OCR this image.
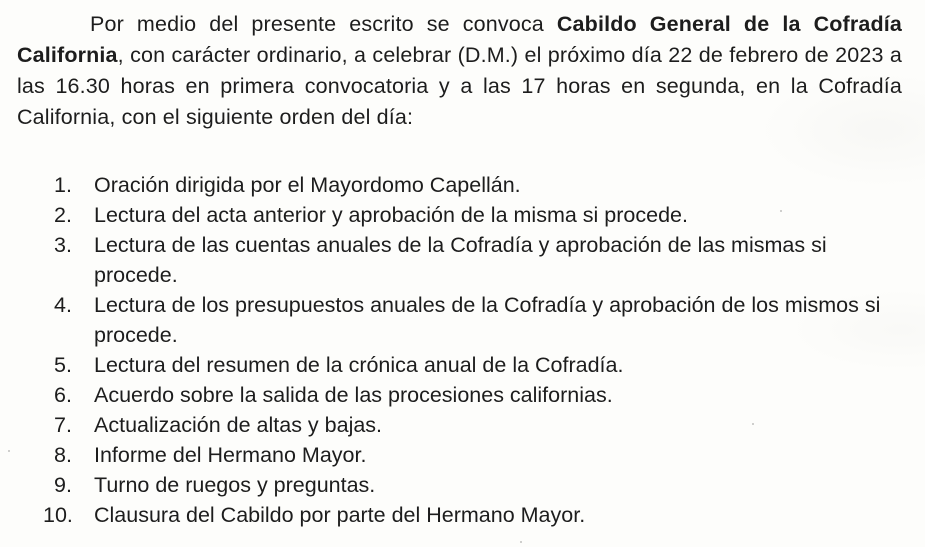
Por medio del presente escrito se convoca Cabildo General de la Cofradía California, con carácter ordinario, a celebrar (D.M.) el próximo día 22 de febrero de 2023 a las 16.30 horas en primera convocatoria y a las 17 horas en segunda, en la Cofradía California, con el siguiente orden del día:

1. Oración dirigida por el Mayordomo Capellán.
2. Lectura del acta anterior y aprobación de la misma si procede.
3. Lectura de las cuentas anuales de la Cofradía y aprobación de las mismas si procede.
4. Lectura de los presupuestos anuales de la Cofradía y aprobación de los mismos si procede.
5. Lectura del resumen de la crónica anual de la Cofradía.
6. Acuerdo sobre la salida de las procesiones californias.
7. Actualización de altas y bajas.
8. Informe del Hermano Mayor.
9. Turno de ruegos y preguntas.
10. Clausura del Cabildo por parte del Hermano Mayor.
